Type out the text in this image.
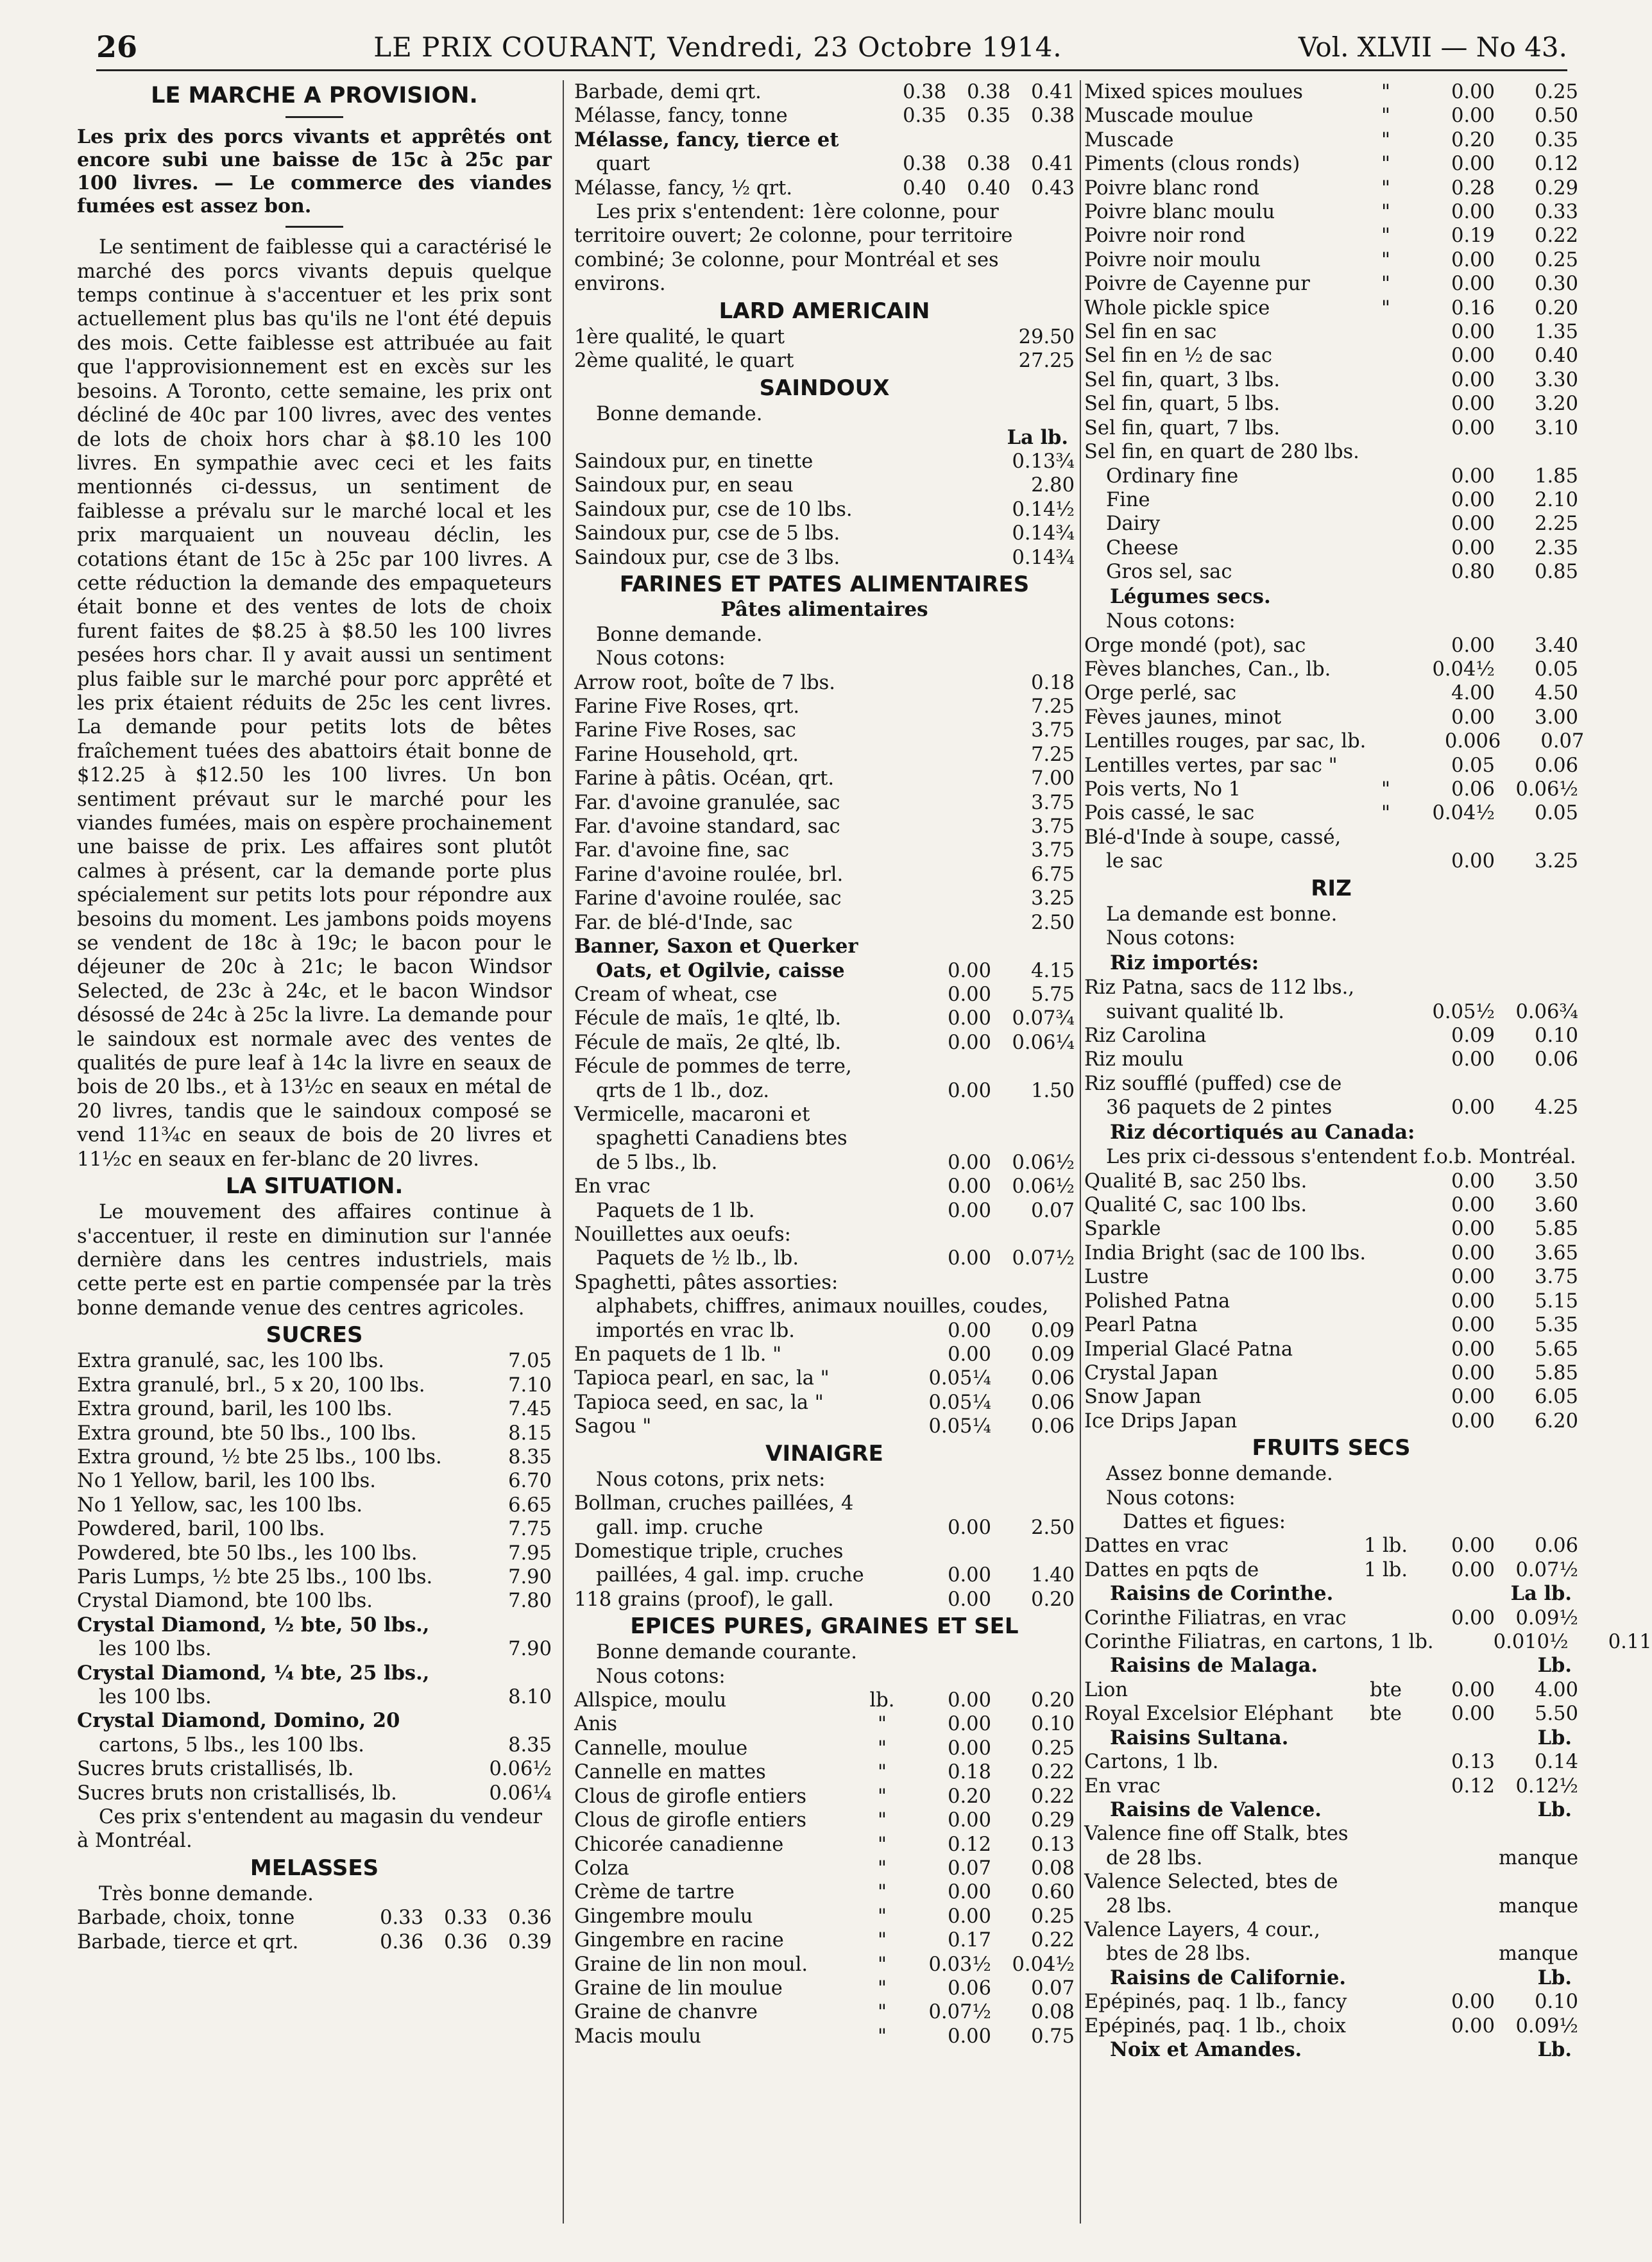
26	LE PRIX COURANT, Vendredi, 23 Octobre 1914.	Vol. XLVII — No 43.
LE MARCHE A PROVISION.

Les prix des porcs vivants et apprêtés ont encore subi une baisse de 15c à 25c par 100 livres. — Le commerce des viandes fumées est assez bon.

Le sentiment de faiblesse qui a caractérisé le marché des porcs vivants depuis quelque temps continue à s'accentuer et les prix sont actuellement plus bas qu'ils ne l'ont été depuis des mois. Cette faiblesse est attribuée au fait que l'approvisionnement est en excès sur les besoins. A Toronto, cette semaine, les prix ont décliné de 40c par 100 livres, avec des ventes de lots de choix hors char à $8.10 les 100 livres. En sympathie avec ceci et les faits mentionnés ci-dessus, un sentiment de faiblesse a prévalu sur le marché local et les prix marquaient un nouveau déclin, les cotations étant de 15c à 25c par 100 livres. A cette réduction la demande des empaqueteurs était bonne et des ventes de lots de choix furent faites de $8.25 à $8.50 les 100 livres pesées hors char. Il y avait aussi un sentiment plus faible sur le marché pour porc apprêté et les prix étaient réduits de 25c les cent livres. La demande pour petits lots de bêtes fraîchement tuées des abattoirs était bonne de $12.25 à $12.50 les 100 livres. Un bon sentiment prévaut sur le marché pour les viandes fumées, mais on espère prochainement une baisse de prix. Les affaires sont plutôt calmes à présent, car la demande porte plus spécialement sur petits lots pour répondre aux besoins du moment. Les jambons poids moyens se vendent de 18c à 19c; le bacon pour le déjeuner de 20c à 21c; le bacon Windsor Selected, de 23c à 24c, et le bacon Windsor désossé de 24c à 25c la livre. La demande pour le saindoux est normale avec des ventes de qualités de pure leaf à 14c la livre en seaux de bois de 20 lbs., et à 13½c en seaux en métal de 20 livres, tandis que le saindoux composé se vend 11¾c en seaux de bois de 20 livres et 11½c en seaux en fer-blanc de 20 livres.

LA SITUATION.

Le mouvement des affaires continue à s'accentuer, il reste en diminution sur l'année dernière dans les centres industriels, mais cette perte est en partie compensée par la très bonne demande venue des centres agricoles.

SUCRES
Extra granulé, sac, les 100 lbs.	7.05
Extra granulé, brl., 5 x 20, 100 lbs.	7.10
Extra ground, baril, les 100 lbs.	7.45
Extra ground, bte 50 lbs., 100 lbs.	8.15
Extra ground, ½ bte 25 lbs., 100 lbs.	8.35
No 1 Yellow, baril, les 100 lbs.	6.70
No 1 Yellow, sac, les 100 lbs.	6.65
Powdered, baril, 100 lbs.	7.75
Powdered, bte 50 lbs., les 100 lbs.	7.95
Paris Lumps, ½ bte 25 lbs., 100 lbs.	7.90
Crystal Diamond, bte 100 lbs.	7.80
Crystal Diamond, ½ bte, 50 lbs.,
les 100 lbs.	7.90
Crystal Diamond, ¼ bte, 25 lbs.,
les 100 lbs.	8.10
Crystal Diamond, Domino, 20
cartons, 5 lbs., les 100 lbs.	8.35
Sucres bruts cristallisés, lb.	0.06½
Sucres bruts non cristallisés, lb.	0.06¼

Ces prix s'entendent au magasin du vendeur à Montréal.

MELASSES

Très bonne demande.

Barbade, choix, tonne	0.33	0.33	0.36
Barbade, tierce et qrt.	0.36	0.36	0.39
Barbade, demi qrt.	0.38	0.38	0.41
Mélasse, fancy, tonne	0.35	0.35	0.38
Mélasse, fancy, tierce et
quart	0.38	0.38	0.41
Mélasse, fancy, ½ qrt.	0.40	0.40	0.43

Les prix s'entendent: 1ère colonne, pour territoire ouvert; 2e colonne, pour territoire combiné; 3e colonne, pour Montréal et ses environs.

LARD AMERICAIN
1ère qualité, le quart	29.50
2ème qualité, le quart	27.25
SAINDOUX

Bonne demande.

La lb.
Saindoux pur, en tinette	0.13¾
Saindoux pur, en seau	2.80
Saindoux pur, cse de 10 lbs.	0.14½
Saindoux pur, cse de 5 lbs.	0.14¾
Saindoux pur, cse de 3 lbs.	0.14¾
FARINES ET PATES ALIMENTAIRES
Pâtes alimentaires

Bonne demande.

Nous cotons:

Arrow root, boîte de 7 lbs.	0.18
Farine Five Roses, qrt.	7.25
Farine Five Roses, sac	3.75
Farine Household, qrt.	7.25
Farine à pâtis. Océan, qrt.	7.00
Far. d'avoine granulée, sac	3.75
Far. d'avoine standard, sac	3.75
Far. d'avoine fine, sac	3.75
Farine d'avoine roulée, brl.	6.75
Farine d'avoine roulée, sac	3.25
Far. de blé-d'Inde, sac	2.50
Banner, Saxon et Querker
Oats, et Ogilvie, caisse	0.00	4.15
Cream of wheat, cse	0.00	5.75
Fécule de maïs, 1e qlté, lb.	0.00	0.07¾
Fécule de maïs, 2e qlté, lb.	0.00	0.06¼
Fécule de pommes de terre,
qrts de 1 lb., doz.	0.00	1.50
Vermicelle, macaroni et
spaghetti Canadiens btes
de 5 lbs., lb.	0.00	0.06½
En vrac	0.00	0.06½
Paquets de 1 lb.	0.00	0.07
Nouillettes aux oeufs:
Paquets de ½ lb., lb.	0.00	0.07½
Spaghetti, pâtes assorties:
alphabets, chiffres, animaux nouilles, coudes,
importés en vrac lb.	0.00	0.09
En paquets de 1 lb. "	0.00	0.09
Tapioca pearl, en sac, la "	0.05¼	0.06
Tapioca seed, en sac, la "	0.05¼	0.06
Sagou "	0.05¼	0.06
VINAIGRE

Nous cotons, prix nets:

Bollman, cruches paillées, 4
gall. imp. cruche	0.00	2.50
Domestique triple, cruches
paillées, 4 gal. imp. cruche	0.00	1.40
118 grains (proof), le gall.	0.00	0.20
EPICES PURES, GRAINES ET SEL

Bonne demande courante.

Nous cotons:

Allspice, moulu	lb.	0.00	0.20
Anis	"	0.00	0.10
Cannelle, moulue	"	0.00	0.25
Cannelle en mattes	"	0.18	0.22
Clous de girofle entiers	"	0.20	0.22
Clous de girofle entiers	"	0.00	0.29
Chicorée canadienne	"	0.12	0.13
Colza	"	0.07	0.08
Crème de tartre	"	0.00	0.60
Gingembre moulu	"	0.00	0.25
Gingembre en racine	"	0.17	0.22
Graine de lin non moul.	"	0.03½	0.04½
Graine de lin moulue	"	0.06	0.07
Graine de chanvre	"	0.07½	0.08
Macis moulu	"	0.00	0.75
Mixed spices moulues	"	0.00	0.25
Muscade moulue	"	0.00	0.50
Muscade	"	0.20	0.35
Piments (clous ronds)	"	0.00	0.12
Poivre blanc rond	"	0.28	0.29
Poivre blanc moulu	"	0.00	0.33
Poivre noir rond	"	0.19	0.22
Poivre noir moulu	"	0.00	0.25
Poivre de Cayenne pur	"	0.00	0.30
Whole pickle spice	"	0.16	0.20
Sel fin en sac	0.00	1.35
Sel fin en ½ de sac	0.00	0.40
Sel fin, quart, 3 lbs.	0.00	3.30
Sel fin, quart, 5 lbs.	0.00	3.20
Sel fin, quart, 7 lbs.	0.00	3.10
Sel fin, en quart de 280 lbs.
Ordinary fine	0.00	1.85
Fine	0.00	2.10
Dairy	0.00	2.25
Cheese	0.00	2.35
Gros sel, sac	0.80	0.85
Légumes secs.

Nous cotons:

Orge mondé (pot), sac	0.00	3.40
Fèves blanches, Can., lb.	0.04½	0.05
Orge perlé, sac	4.00	4.50
Fèves jaunes, minot	0.00	3.00
Lentilles rouges, par sac, lb.	0.006	0.07
Lentilles vertes, par sac "	0.05	0.06
Pois verts, No 1	"	0.06	0.06½
Pois cassé, le sac	"	0.04½	0.05
Blé-d'Inde à soupe, cassé,
le sac	0.00	3.25
RIZ

La demande est bonne.

Nous cotons:

Riz importés:
Riz Patna, sacs de 112 lbs.,
suivant qualité lb.	0.05½	0.06¾
Riz Carolina	0.09	0.10
Riz moulu	0.00	0.06
Riz soufflé (puffed) cse de
36 paquets de 2 pintes	0.00	4.25
Riz décortiqués au Canada:

Les prix ci-dessous s'entendent f.o.b. Montréal.

Qualité B, sac 250 lbs.	0.00	3.50
Qualité C, sac 100 lbs.	0.00	3.60
Sparkle	0.00	5.85
India Bright (sac de 100 lbs.	0.00	3.65
Lustre	0.00	3.75
Polished Patna	0.00	5.15
Pearl Patna	0.00	5.35
Imperial Glacé Patna	0.00	5.65
Crystal Japan	0.00	5.85
Snow Japan	0.00	6.05
Ice Drips Japan	0.00	6.20
FRUITS SECS

Assez bonne demande.

Nous cotons:

Dattes et figues:

Dattes en vrac	1 lb.	0.00	0.06
Dattes en pqts de	1 lb.	0.00	0.07½
Raisins de Corinthe.	La lb.
Corinthe Filiatras, en vrac	0.00	0.09½
Corinthe Filiatras, en cartons, 1 lb.	0.010½	0.11
Raisins de Malaga.	Lb.
Lion	bte	0.00	4.00
Royal Excelsior Eléphant	bte	0.00	5.50
Raisins Sultana.	Lb.
Cartons, 1 lb.	0.13	0.14
En vrac	0.12	0.12½
Raisins de Valence.	Lb.
Valence fine off Stalk, btes
de 28 lbs.	manque
Valence Selected, btes de
28 lbs.	manque
Valence Layers, 4 cour.,
btes de 28 lbs.	manque
Raisins de Californie.	Lb.
Epépinés, paq. 1 lb., fancy	0.00	0.10
Epépinés, paq. 1 lb., choix	0.00	0.09½
Noix et Amandes.	Lb.
